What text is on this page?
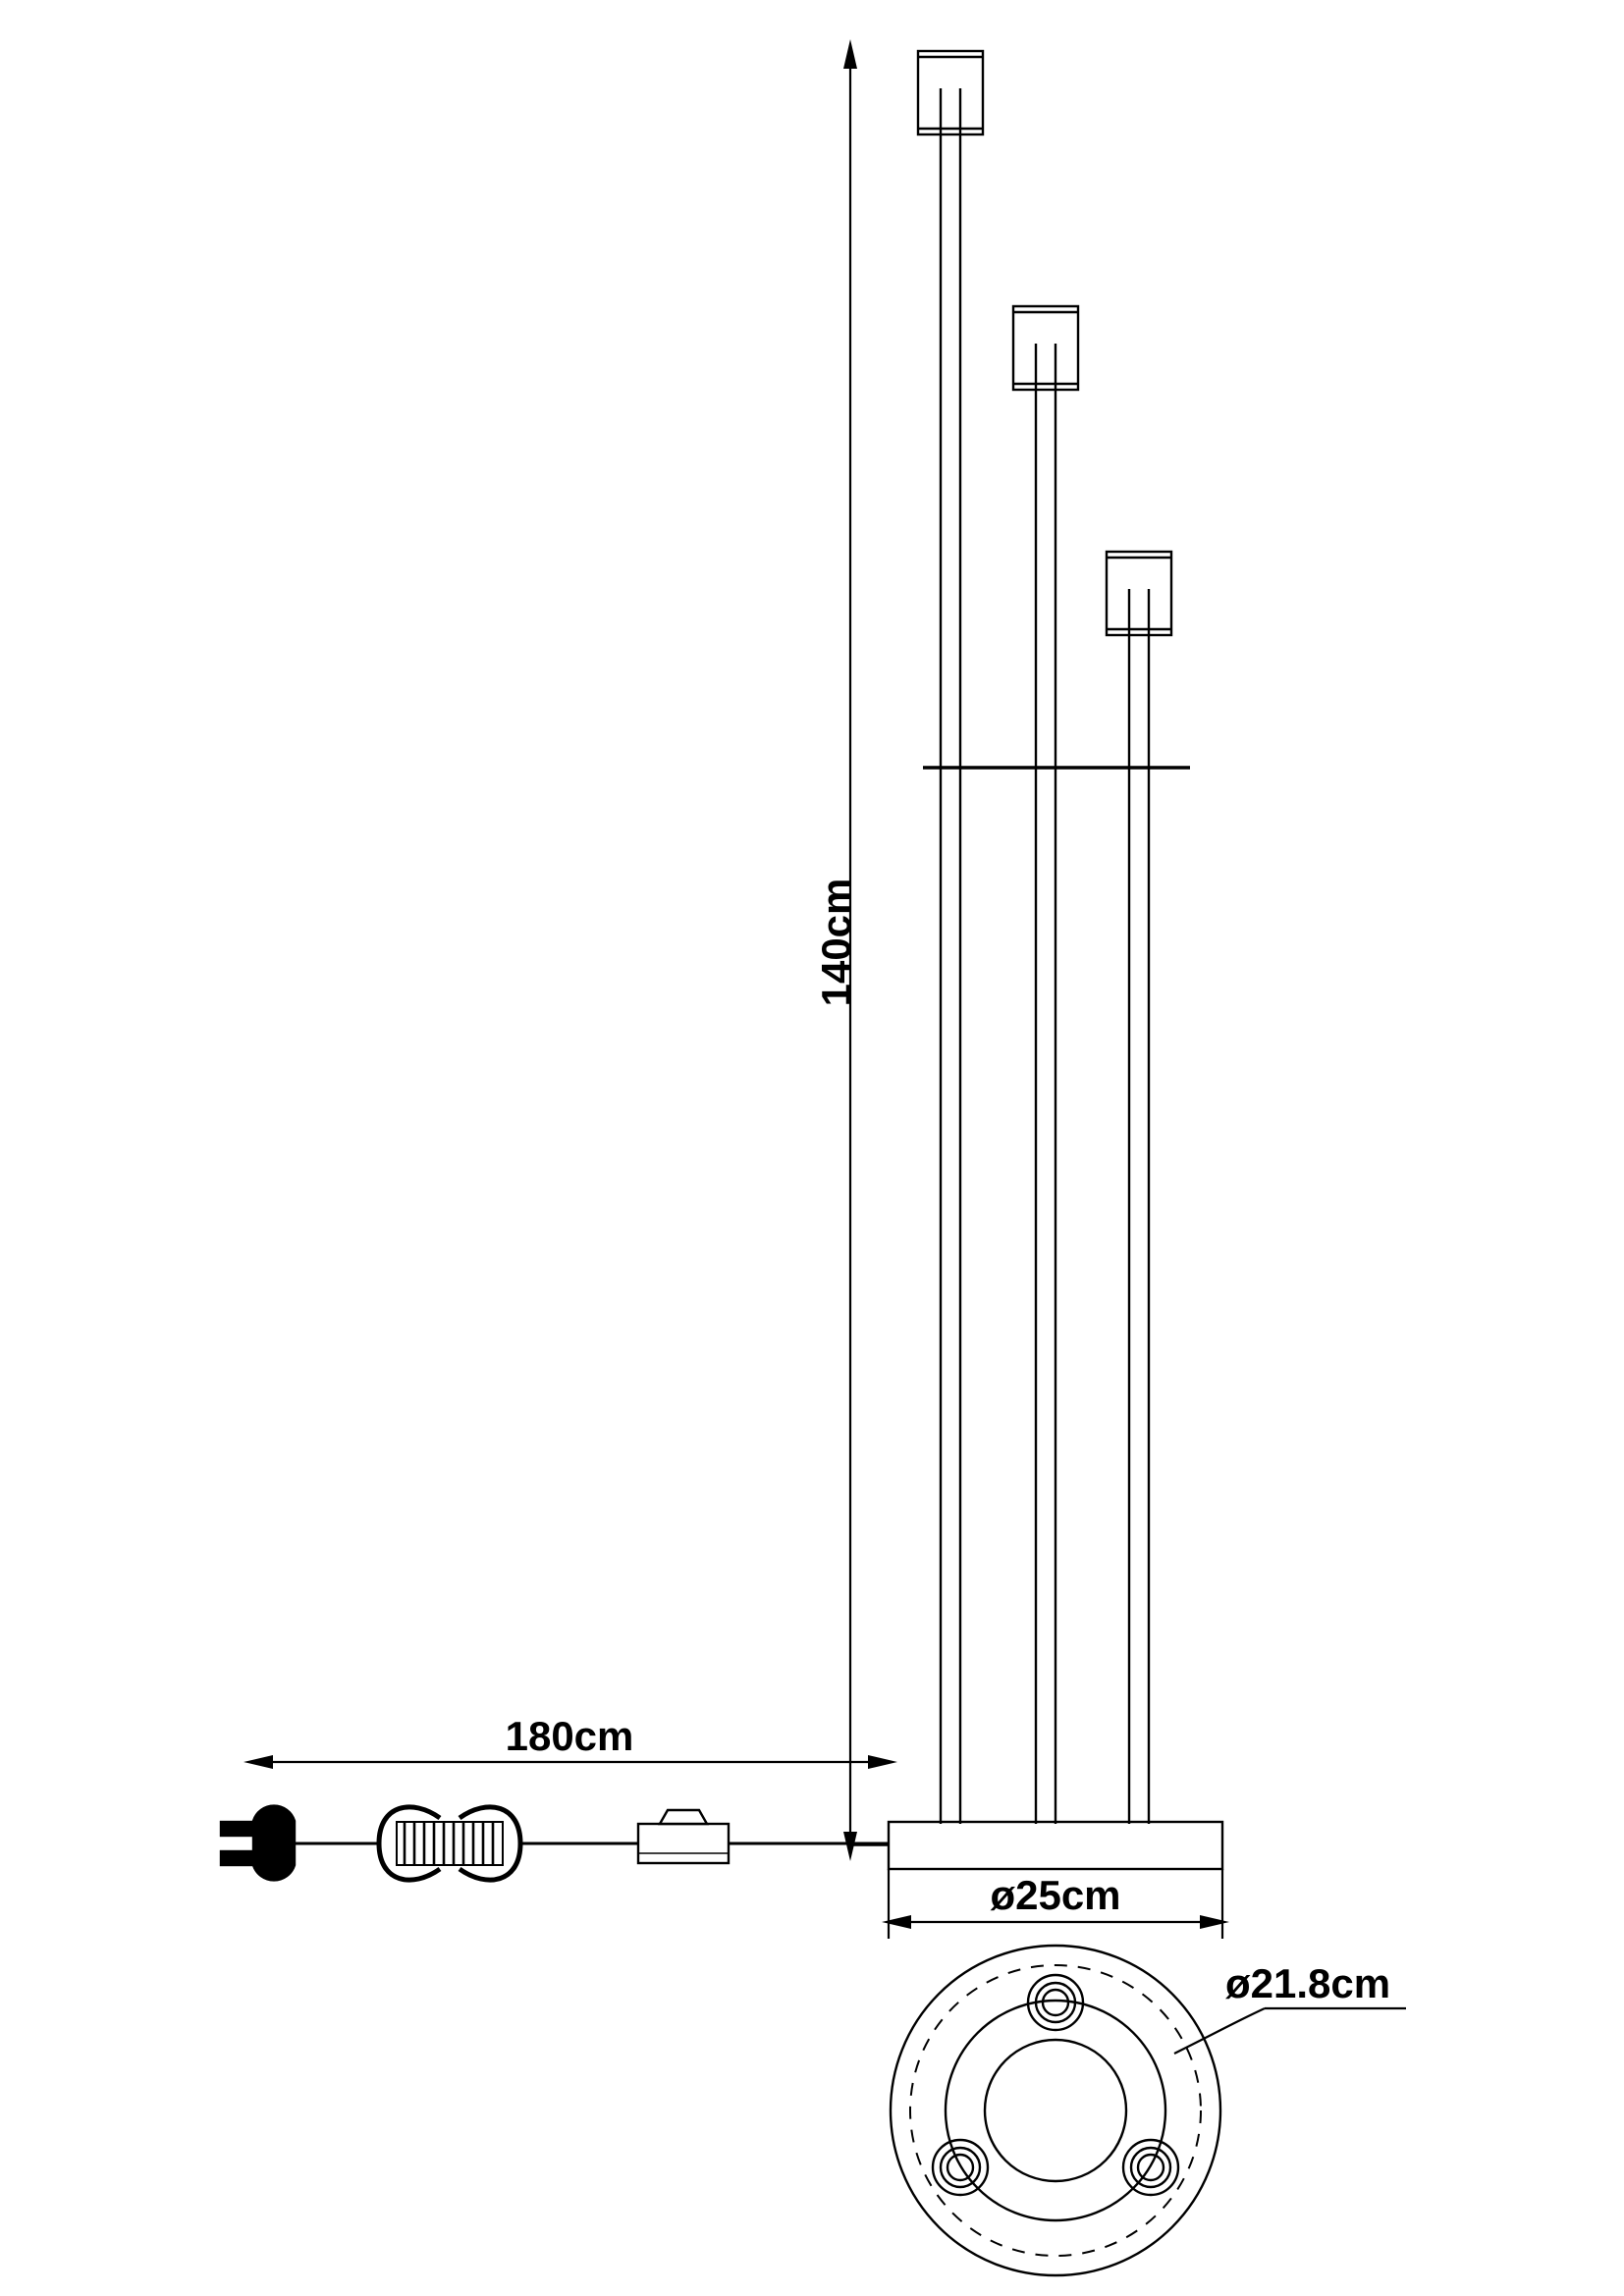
140cm
180cm
ø25cm
ø21.8cm
